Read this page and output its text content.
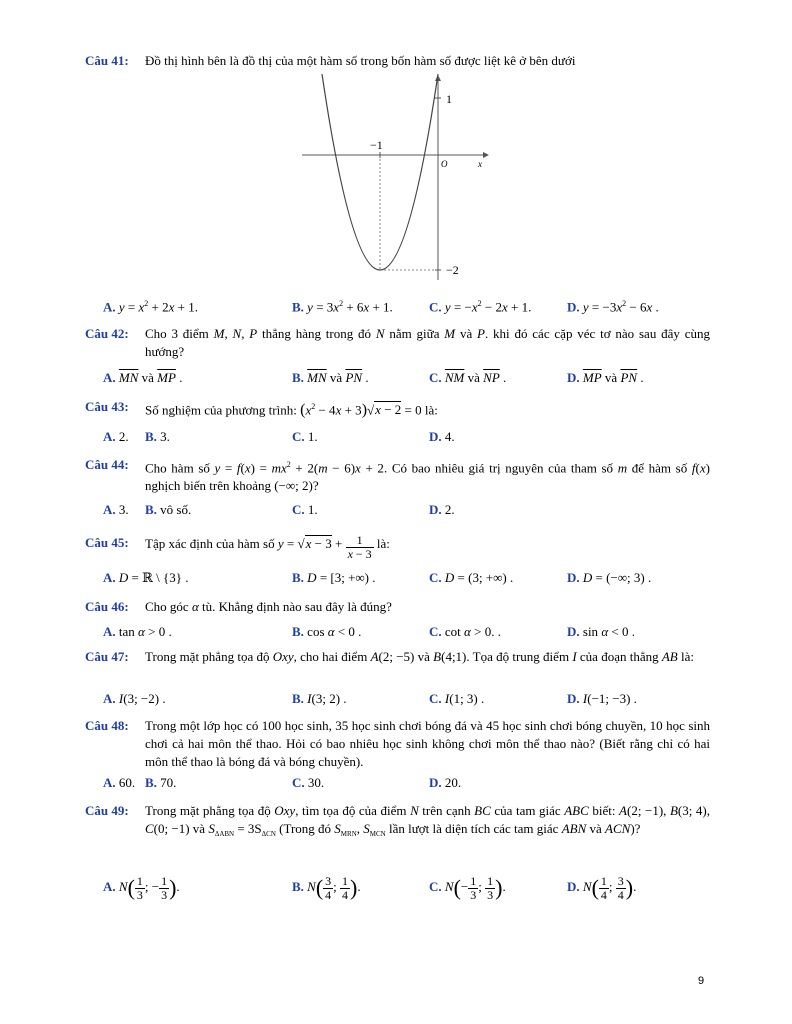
Câu 41: Đồ thị hình bên là đồ thị của một hàm số trong bốn hàm số được liệt kê ở bên dưới
1
−1
−2
O	x
A. $y = x^2 + 2x + 1$.	B. $y = 3x^2 + 6x + 1$.	C. $y = -x^2 - 2x + 1$.	D. $y = -3x^2 - 6x$ .
Câu 42: Cho 3 điểm M, N, P thẳng hàng trong đó N nằm giữa M và P. khi đó các cặp véc tơ nào sau đây cùng hướng?
A. $\overline{MN}$ và $\overline{MP}$ .	B. $\overline{MN}$ và $\overline{PN}$ .	C. $\overline{NM}$ và $\overline{NP}$ .	D. $\overline{MP}$ và $\overline{PN}$ .
Câu 43: Số nghiệm của phương trình: $(x^2 - 4x + 3)√x - 2 = 0$ là:
A. 2. B. 3.	C. 1.	D. 4.
Câu 44: Cho hàm số $y = f(x) = mx^2 + 2(m - 6)x + 2$. Có bao nhiêu giá trị nguyên của tham số m để hàm số f(x) nghịch biến trên khoảng (−∞; 2)?
A. 3. B. vô số.	C. 1.	D. 2.
Câu 45: Tập xác định của hàm số $y = √x - 3 + \frac{1}{x - 3}$ là:
A. D = ℝ \ {3} .	B. D = [3; +∞) .	C. D = (3; +∞) .	D. D = (−∞; 3) .
Câu 46: Cho góc α tù. Khẳng định nào sau đây là đúng?
A. tan α > 0 .	B. cos α < 0 .	C. cot α > 0. .	D. sin α < 0 .
Câu 47: Trong mặt phẳng tọa độ Oxy, cho hai điểm A(2; −5) và B(4;1). Tọa độ trung điểm I của đoạn thẳng AB là:
A. I(3; −2) .	B. I(3; 2) .	C. I(1; 3) .	D. I(−1; −3) .
Câu 48: Trong một lớp học có 100 học sinh, 35 học sinh chơi bóng đá và 45 học sinh chơi bóng chuyền, 10 học sinh chơi cả hai môn thể thao. Hỏi có bao nhiêu học sinh không chơi môn thể thao nào? (Biết rằng chỉ có hai môn thể thao là bóng đá và bóng chuyền).
A. 60. B. 70.	C. 30.	D. 20.
Câu 49: Trong mặt phẳng tọa độ Oxy, tìm tọa độ của điểm N trên cạnh BC của tam giác ABC biết: A(2; −1), B(3; 4), C(0; −1) và $S_{\Delta ABN} = 3S_{\Delta CN}$ (Trong đó $S_{MRN}$, $S_{MCN}$ lần lượt là diện tích các tam giác ABN và ACN)?
A. $N( \frac{1}{3}$ ; − $\frac{1}{3}$ ).	B. $N( \frac{3}{4}$ ; $\frac{1}{4}$ ).	C. $N(- \frac{1}{3}$ ; $\frac{1}{3}$ ).	D. $N( \frac{1}{4}$ ; $\frac{3}{4}$ ).
9
